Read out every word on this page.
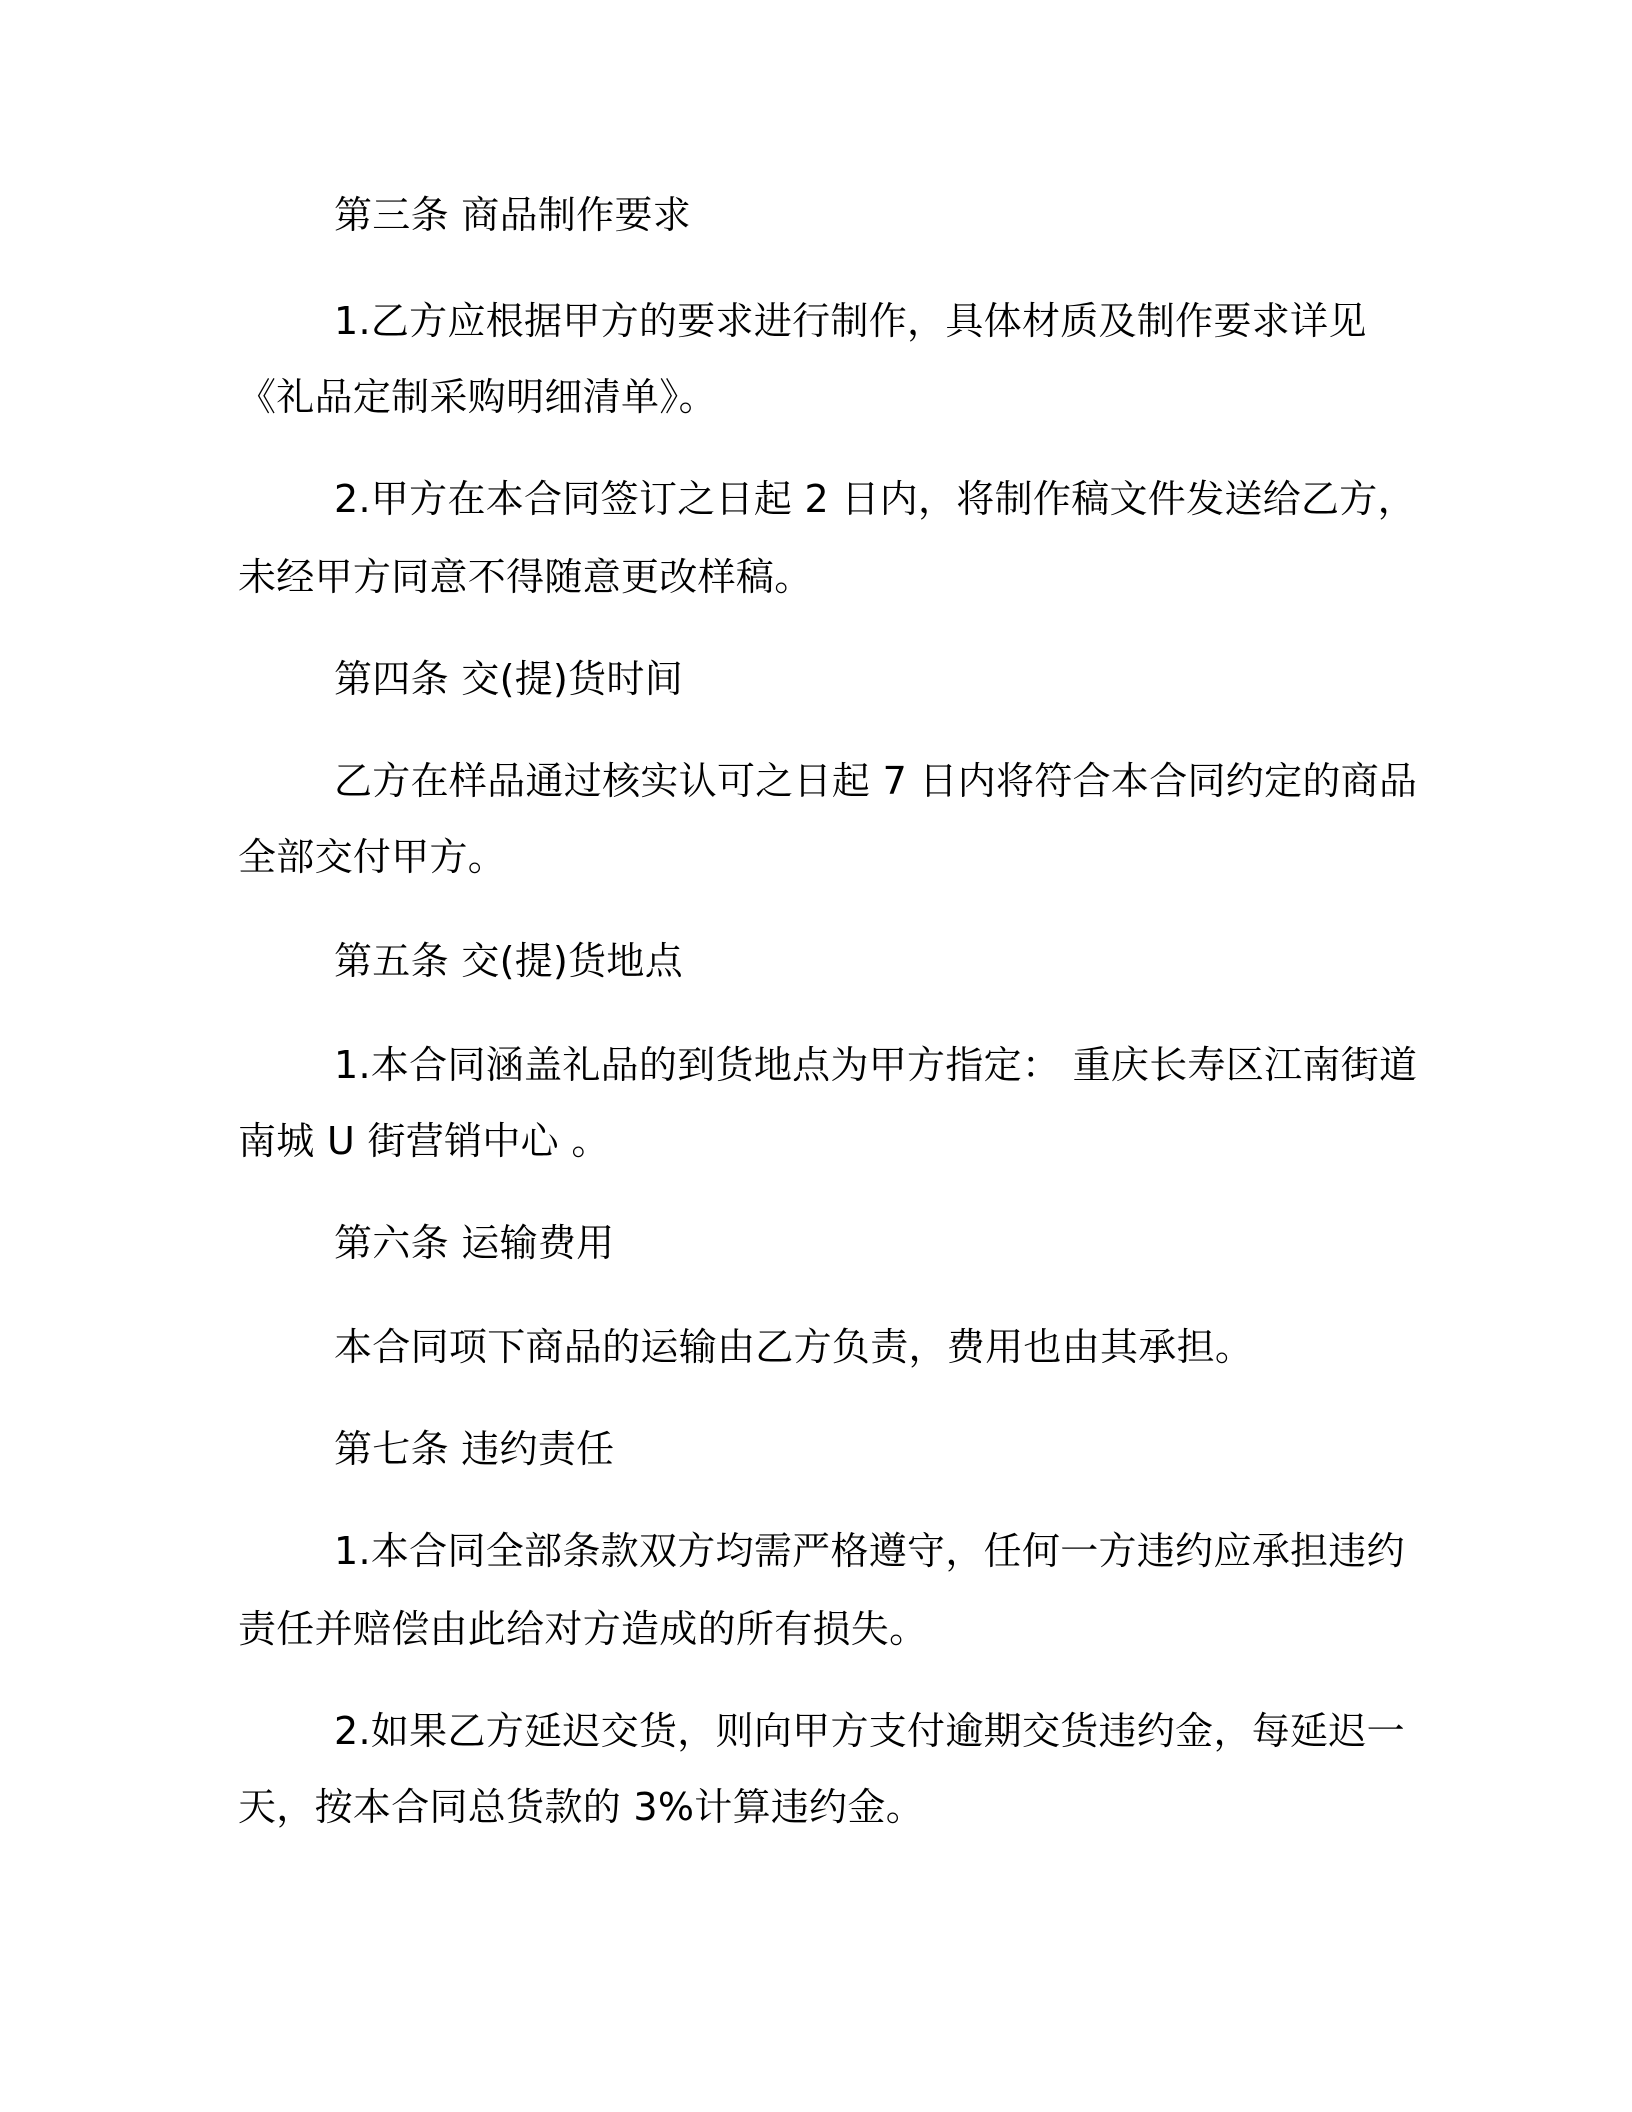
第三条 商品制作要求
1.乙方应根据甲方的要求进行制作，具体材质及制作要求详见
《礼品定制采购明细清单》。
2.甲方在本合同签订之日起 2 日内，将制作稿文件发送给乙方，
未经甲方同意不得随意更改样稿。
第四条 交(提)货时间
乙方在样品通过核实认可之日起 7 日内将符合本合同约定的商品
全部交付甲方。
第五条 交(提)货地点
1.本合同涵盖礼品的到货地点为甲方指定： 重庆长寿区江南街道
南城 U 街营销中心 。
第六条 运输费用
本合同项下商品的运输由乙方负责，费用也由其承担。
第七条 违约责任
1.本合同全部条款双方均需严格遵守，任何一方违约应承担违约
责任并赔偿由此给对方造成的所有损失。
2.如果乙方延迟交货，则向甲方支付逾期交货违约金，每延迟一
天，按本合同总货款的 3%计算违约金。
